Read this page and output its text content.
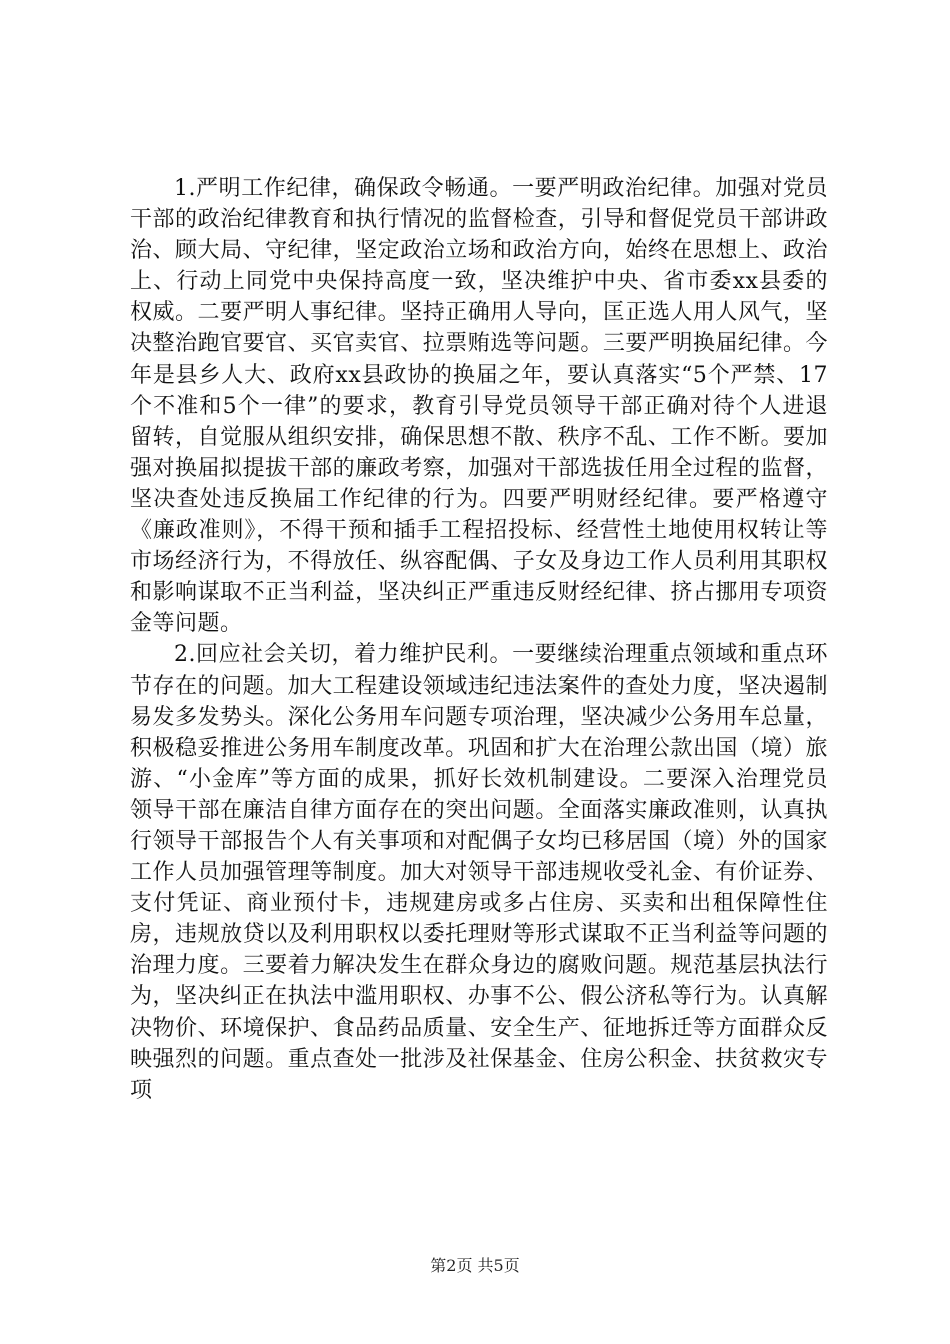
1.严明工作纪律，确保政令畅通。一要严明政治纪律。加强对党员干部的政治纪律教育和执行情况的监督检查，引导和督促党员干部讲政治、顾大局、守纪律，坚定政治立场和政治方向，始终在思想上、政治上、行动上同党中央保持高度一致，坚决维护中央、省市委xx县委的权威。二要严明人事纪律。坚持正确用人导向，匡正选人用人风气，坚决整治跑官要官、买官卖官、拉票贿选等问题。三要严明换届纪律。今年是县乡人大、政府xx县政协的换届之年，要认真落实“5个严禁、17个不准和5个一律”的要求，教育引导党员领导干部正确对待个人进退留转，自觉服从组织安排，确保思想不散、秩序不乱、工作不断。要加强对换届拟提拔干部的廉政考察，加强对干部选拔任用全过程的监督，坚决查处违反换届工作纪律的行为。四要严明财经纪律。要严格遵守《廉政准则》，不得干预和插手工程招投标、经营性土地使用权转让等市场经济行为，不得放任、纵容配偶、子女及身边工作人员利用其职权和影响谋取不正当利益，坚决纠正严重违反财经纪律、挤占挪用专项资金等问题。

2.回应社会关切，着力维护民利。一要继续治理重点领域和重点环节存在的问题。加大工程建设领域违纪违法案件的查处力度，坚决遏制易发多发势头。深化公务用车问题专项治理，坚决减少公务用车总量，积极稳妥推进公务用车制度改革。巩固和扩大在治理公款出国（境）旅游、“小金库”等方面的成果，抓好长效机制建设。二要深入治理党员领导干部在廉洁自律方面存在的突出问题。全面落实廉政准则，认真执行领导干部报告个人有关事项和对配偶子女均已移居国（境）外的国家工作人员加强管理等制度。加大对领导干部违规收受礼金、有价证券、支付凭证、商业预付卡，违规建房或多占住房、买卖和出租保障性住房，违规放贷以及利用职权以委托理财等形式谋取不正当利益等问题的治理力度。三要着力解决发生在群众身边的腐败问题。规范基层执法行为，坚决纠正在执法中滥用职权、办事不公、假公济私等行为。认真解决物价、环境保护、食品药品质量、安全生产、征地拆迁等方面群众反映强烈的问题。重点查处一批涉及社保基金、住房公积金、扶贫救灾专项

第2页 共5页
